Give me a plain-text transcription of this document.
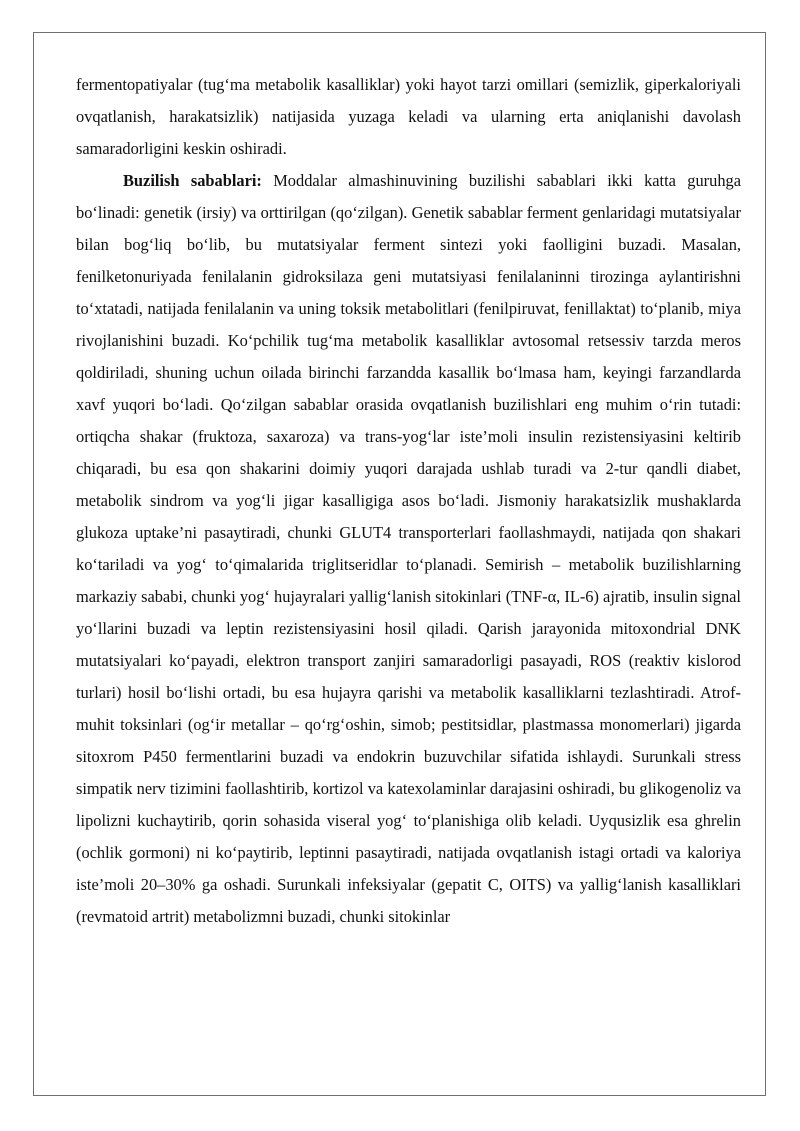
fermentopatiyalar (tug‘ma metabolik kasalliklar) yoki hayot tarzi omillari (semizlik, giperkaloriyali ovqatlanish, harakatsizlik) natijasida yuzaga keladi va ularning erta aniqlanishi davolash samaradorligini keskin oshiradi.

Buzilish sabablari: Moddalar almashinuvining buzilishi sabablari ikki katta guruhga bo‘linadi: genetik (irsiy) va orttirilgan (qo‘zilgan). Genetik sabablar ferment genlaridagi mutatsiyalar bilan bog‘liq bo‘lib, bu mutatsiyalar ferment sintezi yoki faolligini buzadi. Masalan, fenilketonuriyada fenilalanin gidroksilaza geni mutatsiyasi fenilalaninni tirozinga aylantirishni to‘xtatadi, natijada fenilalanin va uning toksik metabolitlari (fenilpiruvat, fenillaktat) to‘planib, miya rivojlanishini buzadi. Ko‘pchilik tug‘ma metabolik kasalliklar avtosomal retsessiv tarzda meros qoldiriladi, shuning uchun oilada birinchi farzandda kasallik bo‘lmasa ham, keyingi farzandlarda xavf yuqori bo‘ladi. Qo‘zilgan sabablar orasida ovqatlanish buzilishlari eng muhim o‘rin tutadi: ortiqcha shakar (fruktoza, saxaroza) va trans-yog‘lar iste’moli insulin rezistensiyasini keltirib chiqaradi, bu esa qon shakarini doimiy yuqori darajada ushlab turadi va 2-tur qandli diabet, metabolik sindrom va yog‘li jigar kasalligiga asos bo‘ladi. Jismoniy harakatsizlik mushaklarda glukoza uptake’ni pasaytiradi, chunki GLUT4 transporterlari faollashmaydi, natijada qon shakari ko‘tariladi va yog‘ to‘qimalarida triglitseridlar to‘planadi. Semirish – metabolik buzilishlarning markaziy sababi, chunki yog‘ hujayralari yallig‘lanish sitokinlari (TNF-α, IL-6) ajratib, insulin signal yo‘llarini buzadi va leptin rezistensiyasini hosil qiladi. Qarish jarayonida mitoxondrial DNK mutatsiyalari ko‘payadi, elektron transport zanjiri samaradorligi pasayadi, ROS (reaktiv kislorod turlari) hosil bo‘lishi ortadi, bu esa hujayra qarishi va metabolik kasalliklarni tezlashtiradi. Atrof-muhit toksinlari (og‘ir metallar – qo‘rg‘oshin, simob; pestitsidlar, plastmassa monomerlari) jigarda sitoxrom P450 fermentlarini buzadi va endokrin buzuvchilar sifatida ishlaydi. Surunkali stress simpatik nerv tizimini faollashtirib, kortizol va katexolaminlar darajasini oshiradi, bu glikogenoliz va lipolizni kuchaytirib, qorin sohasida viseral yog‘ to‘planishiga olib keladi. Uyqusizlik esa ghrelin (ochlik gormoni) ni ko‘paytirib, leptinni pasaytiradi, natijada ovqatlanish istagi ortadi va kaloriya iste’moli 20–30% ga oshadi. Surunkali infeksiyalar (gepatit C, OITS) va yallig‘lanish kasalliklari (revmatoid artrit) metabolizmni buzadi, chunki sitokinlar
